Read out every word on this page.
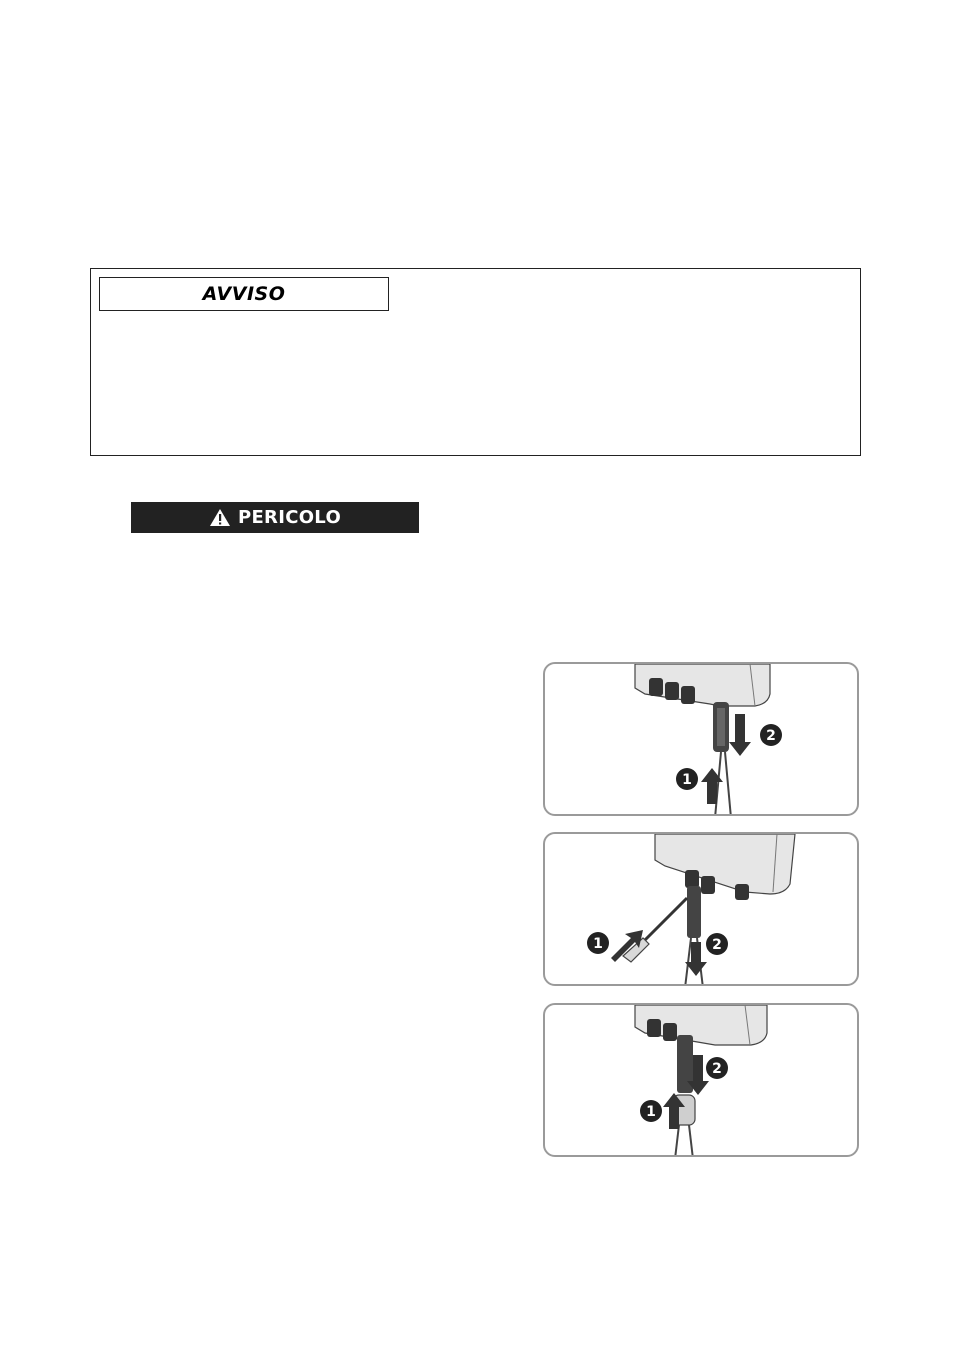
AVVISO
PERICOLO
2
1
1	2
2
1
